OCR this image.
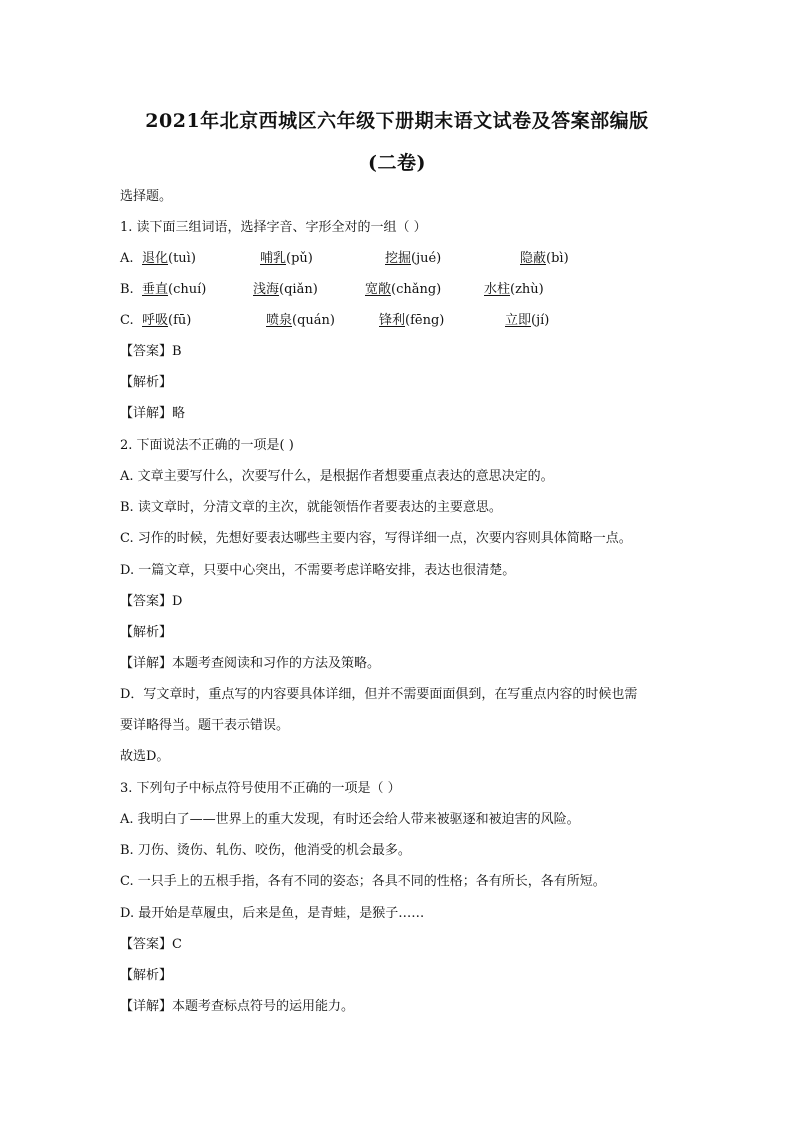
2021年北京西城区六年级下册期末语文试卷及答案部编版
(二卷)
选择题。
1. 读下面三组词语，选择字音、字形全对的一组（ ）
A. 退化(tuì)	哺乳(pǔ)	挖掘(jué)	隐蔽(bì)
B. 垂直(chuí)	浅海(qiǎn)	宽敞(chǎng)	水柱(zhù)
C. 呼吸(fū)	喷泉(quán)	锋利(fēng)	立即(jí)
【答案】B
【解析】
【详解】略
2. 下面说法不正确的一项是( )
A. 文章主要写什么，次要写什么，是根据作者想要重点表达的意思决定的。
B. 读文章时，分清文章的主次，就能领悟作者要表达的主要意思。
C. 习作的时候，先想好要表达哪些主要内容，写得详细一点，次要内容则具体简略一点。
D. 一篇文章，只要中心突出，不需要考虑详略安排，表达也很清楚。
【答案】D
【解析】
【详解】本题考查阅读和习作的方法及策略。
D．写文章时，重点写的内容要具体详细，但并不需要面面俱到，在写重点内容的时候也需
要详略得当。题干表示错误。
故选D。
3. 下列句子中标点符号使用不正确的一项是（ ）
A. 我明白了——世界上的重大发现，有时还会给人带来被驱逐和被迫害的风险。
B. 刀伤、烫伤、轧伤、咬伤，他消受的机会最多。
C. 一只手上的五根手指，各有不同的姿态；各具不同的性格；各有所长，各有所短。
D. 最开始是草履虫，后来是鱼，是青蛙，是猴子……
【答案】C
【解析】
【详解】本题考查标点符号的运用能力。
